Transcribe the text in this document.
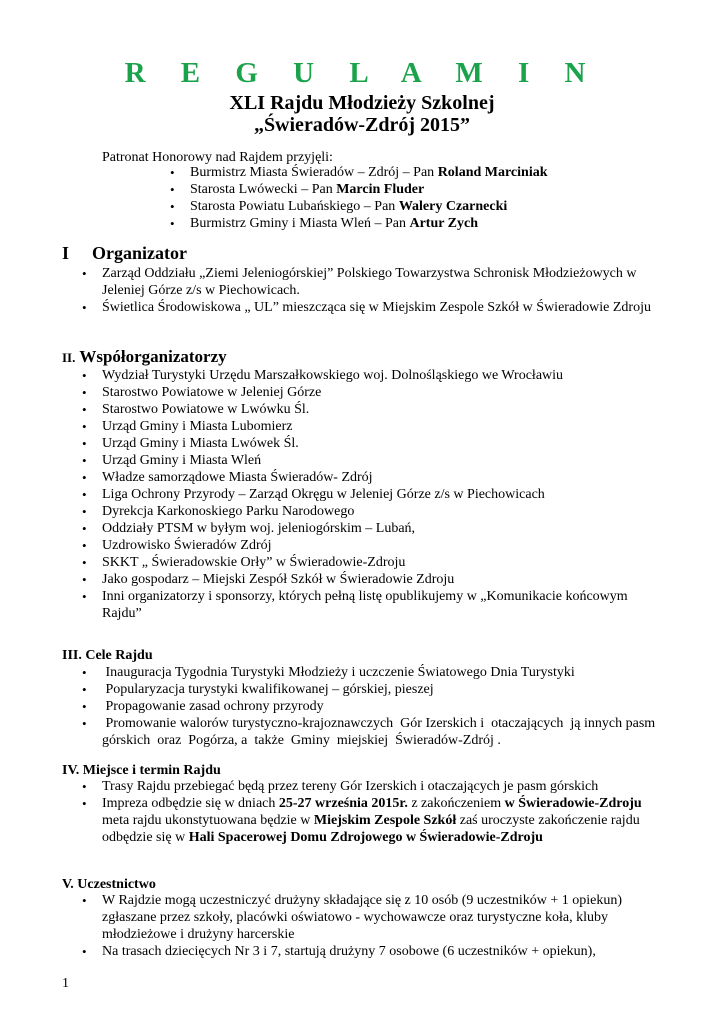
R E G U L A M I N
XLI Rajdu Młodzieży Szkolnej
„Świeradów-Zdrój 2015”
Patronat Honorowy nad Rajdem przyjęli:
• Burmistrz Miasta Świeradów – Zdrój – Pan Roland Marciniak
• Starosta Lwówecki – Pan Marcin Fluder
• Starosta Powiatu Lubańskiego – Pan Walery Czarnecki
• Burmistrz Gminy i Miasta Wleń – Pan Artur Zych
I Organizator
• Zarząd Oddziału „Ziemi Jeleniogórskiej” Polskiego Towarzystwa Schronisk Młodzieżowych w Jeleniej Górze z/s w Piechowicach.
• Świetlica Środowiskowa „ UL” mieszcząca się w Miejskim Zespole Szkół w Świeradowie Zdroju
II. Współorganizatorzy
• Wydział Turystyki Urzędu Marszałkowskiego woj. Dolnośląskiego we Wrocławiu
• Starostwo Powiatowe w Jeleniej Górze
• Starostwo Powiatowe w Lwówku Śl.
• Urząd Gminy i Miasta Lubomierz
• Urząd Gminy i Miasta Lwówek Śl.
• Urząd Gminy i Miasta Wleń
• Władze samorządowe Miasta Świeradów- Zdrój
• Liga Ochrony Przyrody – Zarząd Okręgu w Jeleniej Górze z/s w Piechowicach
• Dyrekcja Karkonoskiego Parku Narodowego
• Oddziały PTSM w byłym woj. jeleniogórskim – Lubań,
• Uzdrowisko Świeradów Zdrój
• SKKT „ Świeradowskie Orły” w Świeradowie-Zdroju
• Jako gospodarz – Miejski Zespół Szkół w Świeradowie Zdroju
• Inni organizatorzy i sponsorzy, których pełną listę opublikujemy w „Komunikacie końcowym Rajdu”
III. Cele Rajdu
•  Inauguracja Tygodnia Turystyki Młodzieży i uczczenie Światowego Dnia Turystyki
•  Popularyzacja turystyki kwalifikowanej – górskiej, pieszej
•  Propagowanie zasad ochrony przyrody
•  Promowanie walorów turystyczno-krajoznawczych  Gór Izerskich i  otaczających  ją innych pasm  górskich  oraz  Pogórza, a  także  Gminy  miejskiej  Świeradów-Zdrój .
IV. Miejsce i termin Rajdu
• Trasy Rajdu przebiegać będą przez tereny Gór Izerskich i otaczających je pasm górskich
• Impreza odbędzie się w dniach 25-27 września 2015r. z zakończeniem w Świeradowie-Zdroju meta rajdu ukonstytuowana będzie w Miejskim Zespole Szkół zaś uroczyste zakończenie rajdu odbędzie się w Hali Spacerowej Domu Zdrojowego w Świeradowie-Zdroju
V. Uczestnictwo
• W Rajdzie mogą uczestniczyć drużyny składające się z 10 osób (9 uczestników + 1 opiekun) zgłaszane przez szkoły, placówki oświatowo - wychowawcze oraz turystyczne koła, kluby młodzieżowe i drużyny harcerskie
• Na trasach dziecięcych Nr 3 i 7, startują drużyny 7 osobowe (6 uczestników + opiekun),
1
